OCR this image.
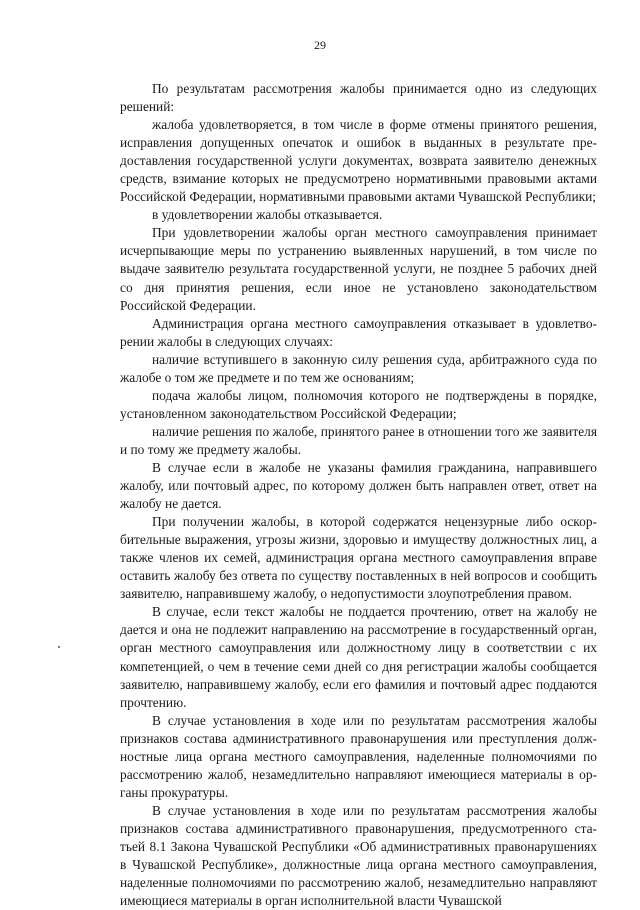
29

По результатам рассмотрения жалобы принимается одно из следующих решений:

жалоба удовлетворяется, в том числе в форме отмены принятого решения, исправления допущенных опечаток и ошибок в выданных в результате предоставления государственной услуги документах, возврата заявителю денежных средств, взимание которых не предусмотрено нормативными правовыми актами Российской Федерации, нормативными правовыми актами Чувашской Республики;

в удовлетворении жалобы отказывается.

При удовлетворении жалобы орган местного самоуправления принимает исчерпывающие меры по устранению выявленных нарушений, в том числе по выдаче заявителю результата государственной услуги, не позднее 5 рабочих дней со дня принятия решения, если иное не установлено законодательством Российской Федерации.

Администрация органа местного самоуправления отказывает в удовлетворении жалобы в следующих случаях:

наличие вступившего в законную силу решения суда, арбитражного суда по жалобе о том же предмете и по тем же основаниям;

подача жалобы лицом, полномочия которого не подтверждены в порядке, установленном законодательством Российской Федерации;

наличие решения по жалобе, принятого ранее в отношении того же заявителя и по тому же предмету жалобы.

В случае если в жалобе не указаны фамилия гражданина, направившего жалобу, или почтовый адрес, по которому должен быть направлен ответ, ответ на жалобу не дается.

При получении жалобы, в которой содержатся нецензурные либо оскорбительные выражения, угрозы жизни, здоровью и имуществу должностных лиц, а также членов их семей, администрация органа местного самоуправления вправе оставить жалобу без ответа по существу поставленных в ней вопросов и сообщить заявителю, направившему жалобу, о недопустимости злоупотребления правом.

В случае, если текст жалобы не поддается прочтению, ответ на жалобу не дается и она не подлежит направлению на рассмотрение в государственный орган, орган местного самоуправления или должностному лицу в соответствии с их компетенцией, о чем в течение семи дней со дня регистрации жалобы сообщается заявителю, направившему жалобу, если его фамилия и почтовый адрес поддаются прочтению.

В случае установления в ходе или по результатам рассмотрения жалобы признаков состава административного правонарушения или преступления должностные лица органа местного самоуправления, наделенные полномочиями по рассмотрению жалоб, незамедлительно направляют имеющиеся материалы в органы прокуратуры.

В случае установления в ходе или по результатам рассмотрения жалобы признаков состава административного правонарушения, предусмотренного статьей 8.1 Закона Чувашской Республики «Об административных правонарушениях в Чувашской Республике», должностные лица органа местного самоуправления, наделенные полномочиями по рассмотрению жалоб, незамедлительно направляют имеющиеся материалы в орган исполнительной власти Чувашской
